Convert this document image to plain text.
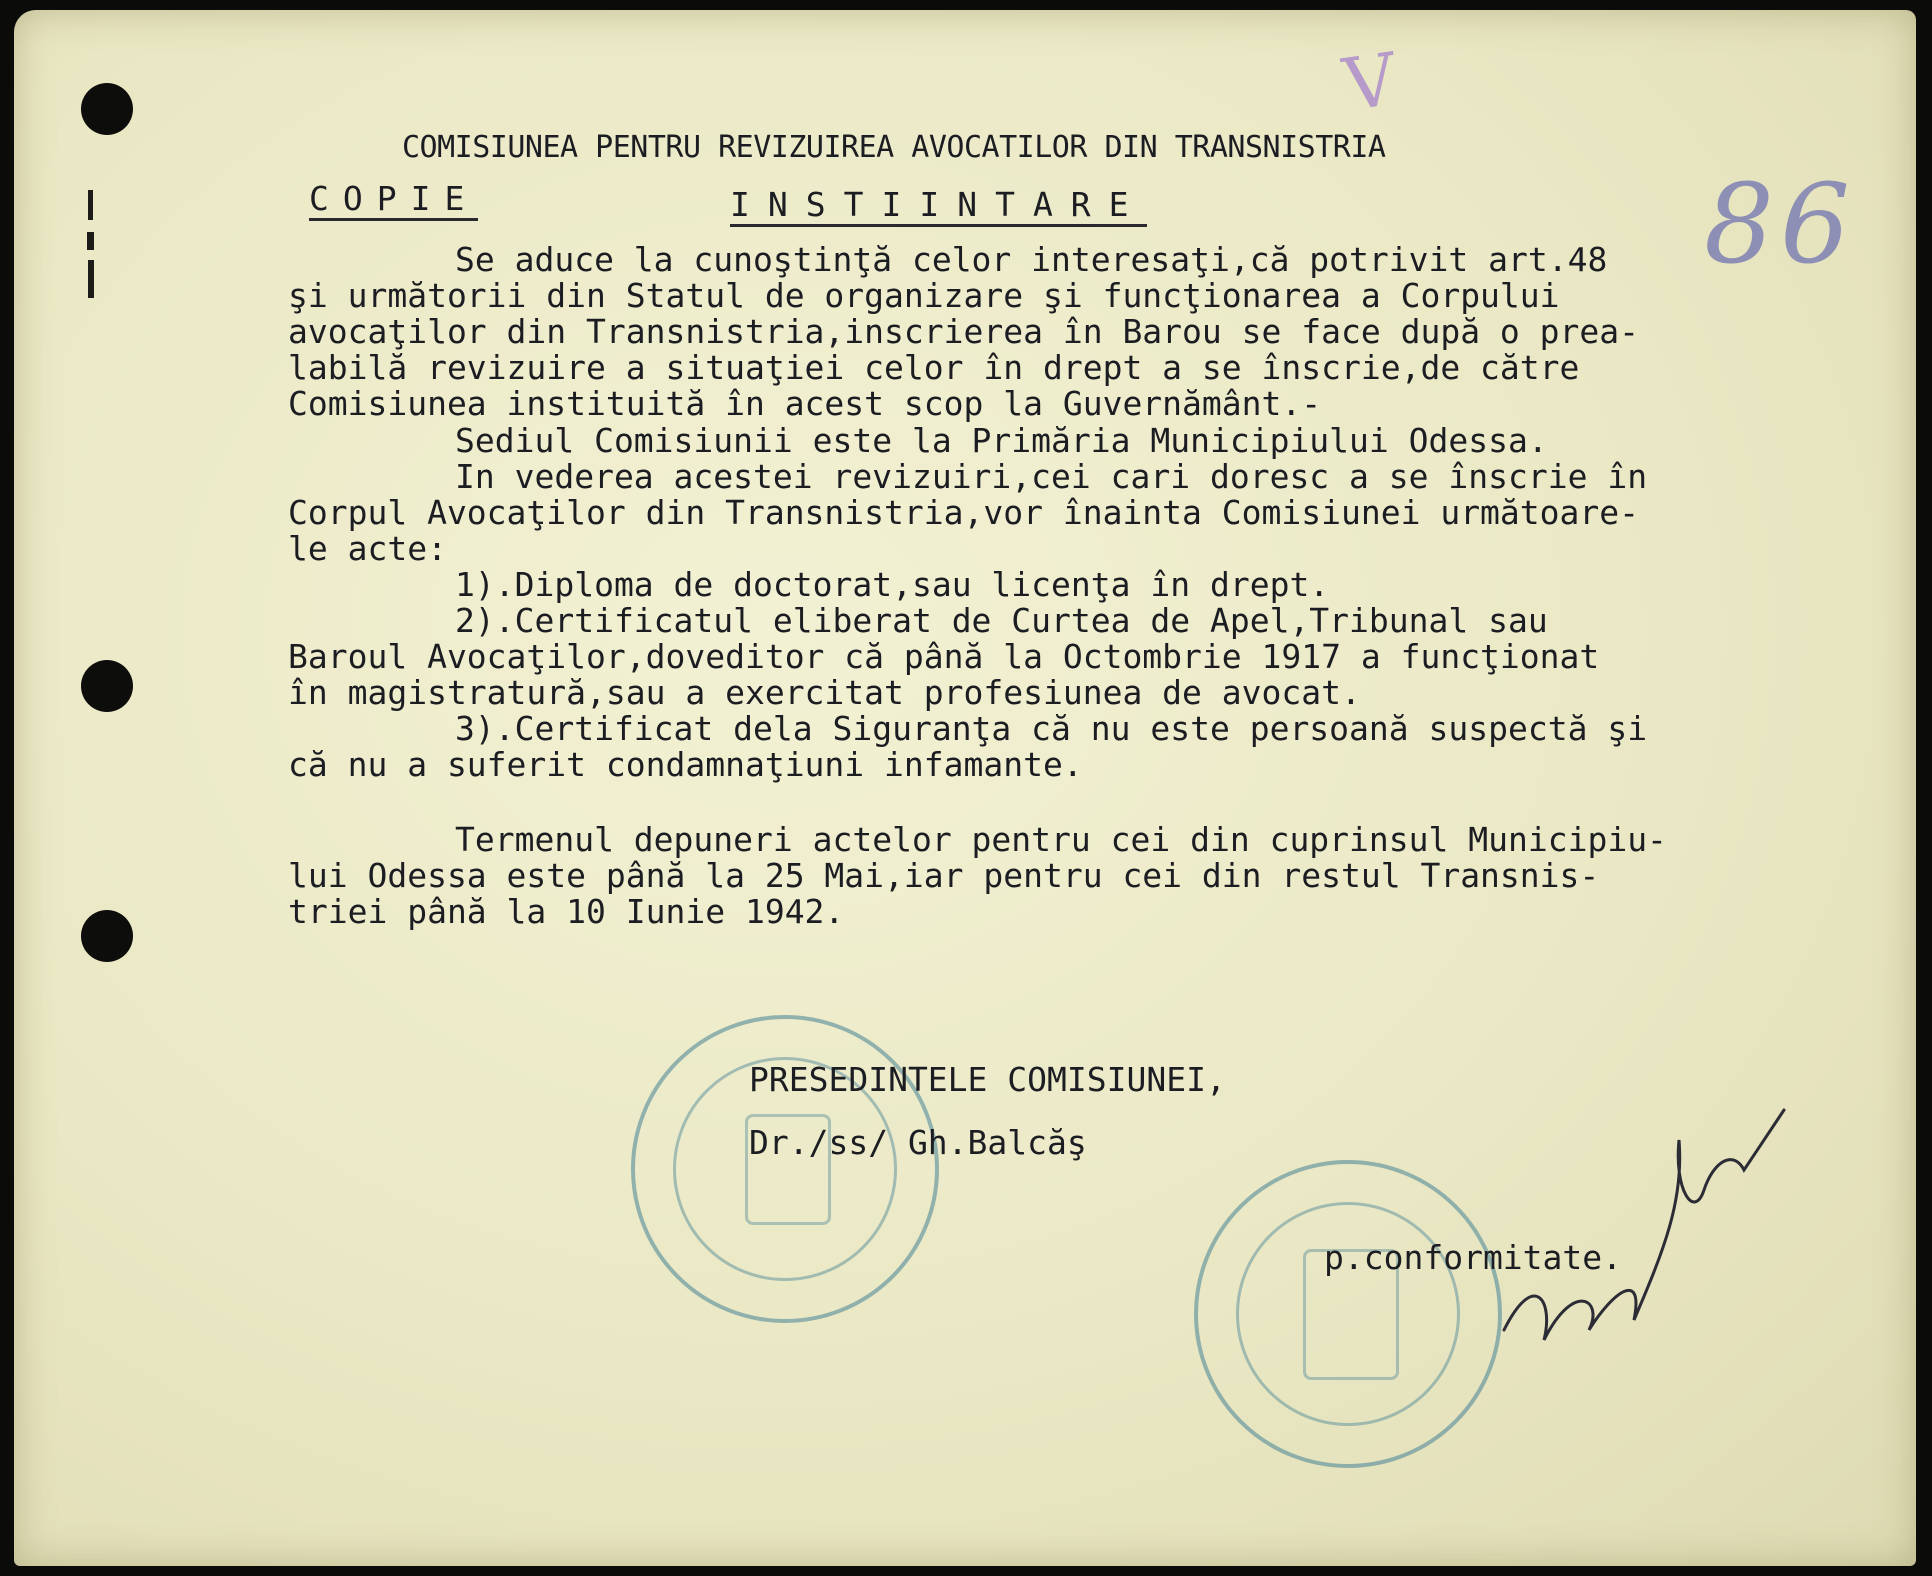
V
86
COMISIUNEA PENTRU REVIZUIREA AVOCATILOR DIN TRANSNISTRIA
COPIE	INSTIINTARE
Se aduce la cunoştinţă celor interesaţi,că potrivit art.48
şi următorii din Statul de organizare şi funcţionarea a Corpului
avocaţilor din Transnistria,inscrierea în Barou se face după o prea-
labilă revizuire a situaţiei celor în drept a se înscrie,de către
Comisiunea instituită în acest scop la Guvernământ.-
Sediul Comisiunii este la Primăria Municipiului Odessa.
In vederea acestei revizuiri,cei cari doresc a se înscrie în
Corpul Avocaţilor din Transnistria,vor înainta Comisiunei următoare-
le acte:
1).Diploma de doctorat,sau licenţa în drept.
2).Certificatul eliberat de Curtea de Apel,Tribunal sau
Baroul Avocaţilor,doveditor că până la Octombrie 1917 a funcţionat
în magistratură,sau a exercitat profesiunea de avocat.
3).Certificat dela Siguranţa că nu este persoană suspectă şi
că nu a suferit condamnaţiuni infamante.
Termenul depuneri actelor pentru cei din cuprinsul Municipiu-
lui Odessa este până la 25 Mai,iar pentru cei din restul Transnis-
triei până la 10 Iunie 1942.
PRESEDINTELE COMISIUNEI,
Dr./ss/ Gh.Balcăş
p.conformitate.
